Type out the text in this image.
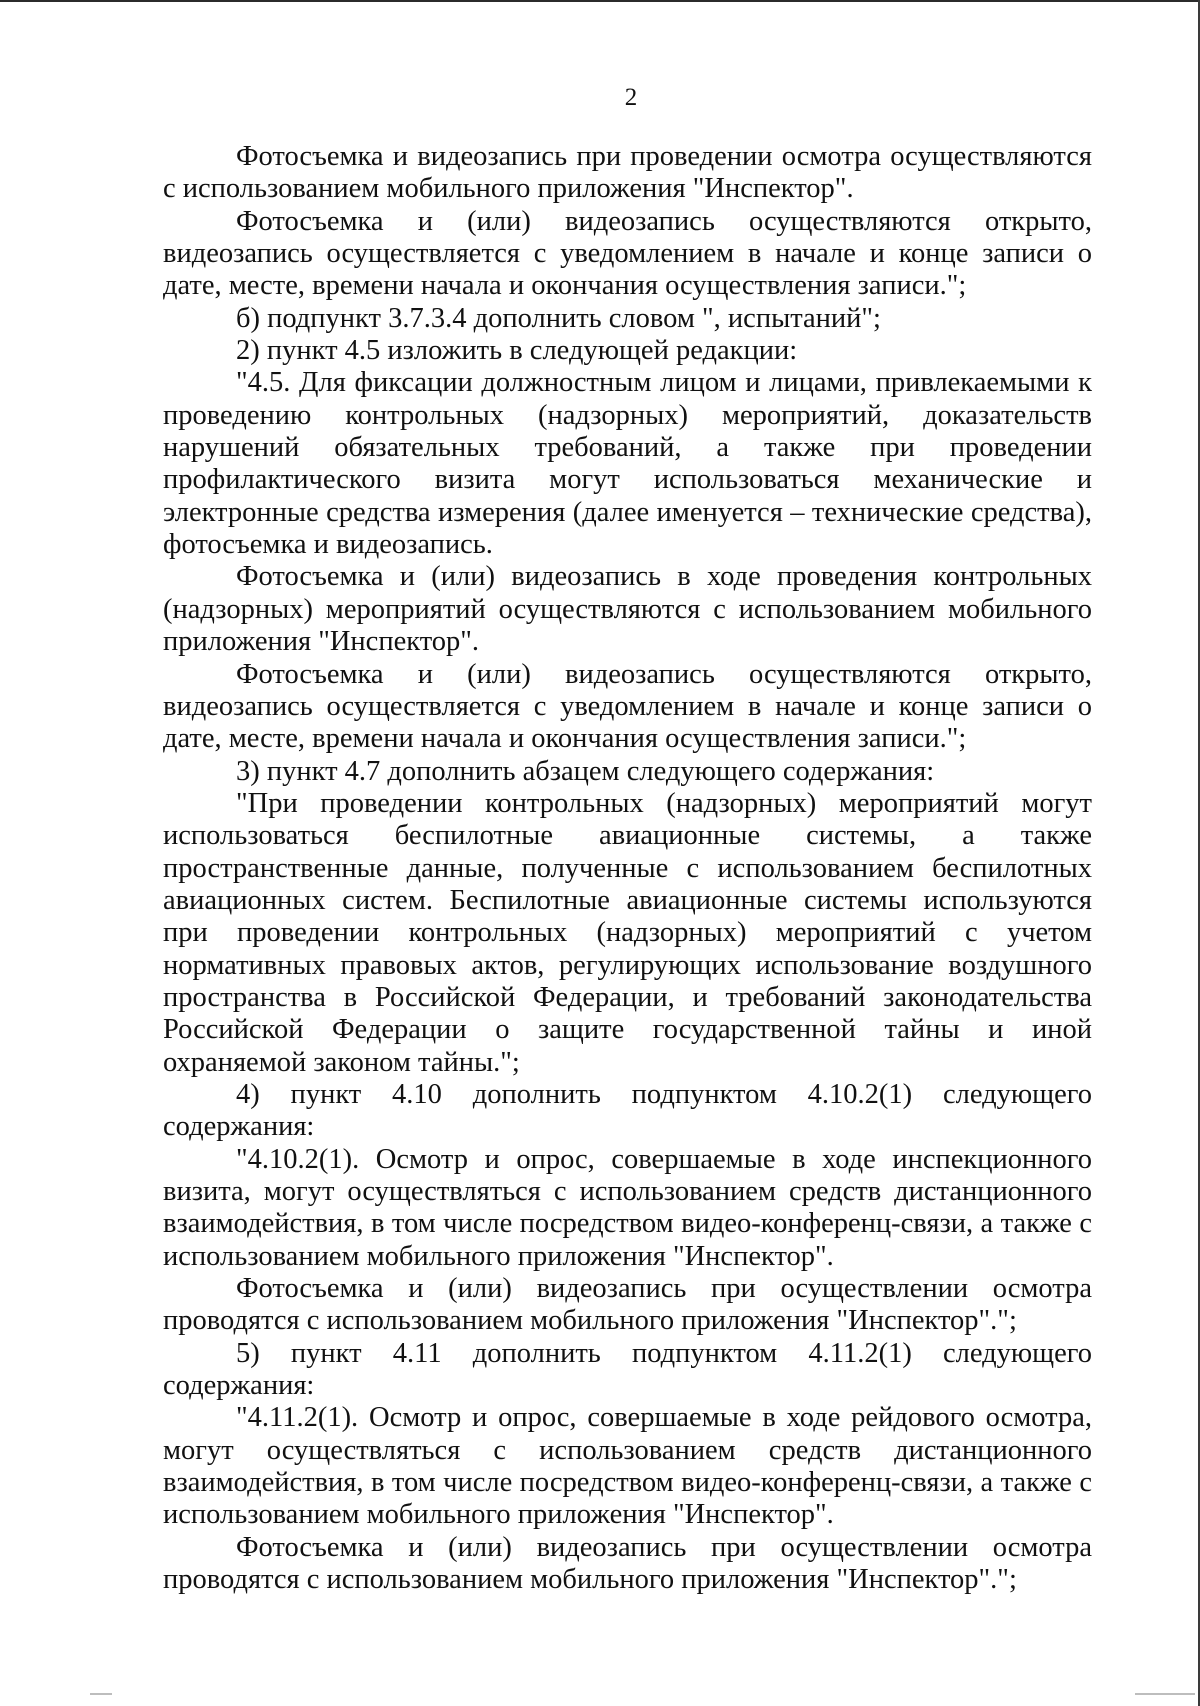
2

Фотосъемка и видеозапись при проведении осмотра осуществляются с использованием мобильного приложения "Инспектор".

Фотосъемка и (или) видеозапись осуществляются открыто, видеозапись осуществляется с уведомлением в начале и конце записи о дате, месте, времени начала и окончания осуществления записи.";

б) подпункт 3.7.3.4 дополнить словом ", испытаний";

2) пункт 4.5 изложить в следующей редакции:

"4.5. Для фиксации должностным лицом и лицами, привлекаемыми к проведению контрольных (надзорных) мероприятий, доказательств нарушений обязательных требований, а также при проведении профилактического визита могут использоваться механические и электронные средства измерения (далее именуется – технические средства), фотосъемка и видеозапись.

Фотосъемка и (или) видеозапись в ходе проведения контрольных (надзорных) мероприятий осуществляются с использованием мобильного приложения "Инспектор".

Фотосъемка и (или) видеозапись осуществляются открыто, видеозапись осуществляется с уведомлением в начале и конце записи о дате, месте, времени начала и окончания осуществления записи.";

3) пункт 4.7 дополнить абзацем следующего содержания:

"При проведении контрольных (надзорных) мероприятий могут использоваться беспилотные авиационные системы, а также пространственные данные, полученные с использованием беспилотных авиационных систем. Беспилотные авиационные системы используются при проведении контрольных (надзорных) мероприятий с учетом нормативных правовых актов, регулирующих использование воздушного пространства в Российской Федерации, и требований законодательства Российской Федерации о защите государственной тайны и иной охраняемой законом тайны.";

4) пункт 4.10 дополнить подпунктом 4.10.2(1) следующего содержания:

"4.10.2(1). Осмотр и опрос, совершаемые в ходе инспекционного визита, могут осуществляться с использованием средств дистанционного взаимодействия, в том числе посредством видео-конференц-связи, а также с использованием мобильного приложения "Инспектор".

Фотосъемка и (или) видеозапись при осуществлении осмотра проводятся с использованием мобильного приложения "Инспектор".";

5) пункт 4.11 дополнить подпунктом 4.11.2(1) следующего содержания:

"4.11.2(1). Осмотр и опрос, совершаемые в ходе рейдового осмотра, могут осуществляться с использованием средств дистанционного взаимодействия, в том числе посредством видео-конференц-связи, а также с использованием мобильного приложения "Инспектор".

Фотосъемка и (или) видеозапись при осуществлении осмотра проводятся с использованием мобильного приложения "Инспектор".";
